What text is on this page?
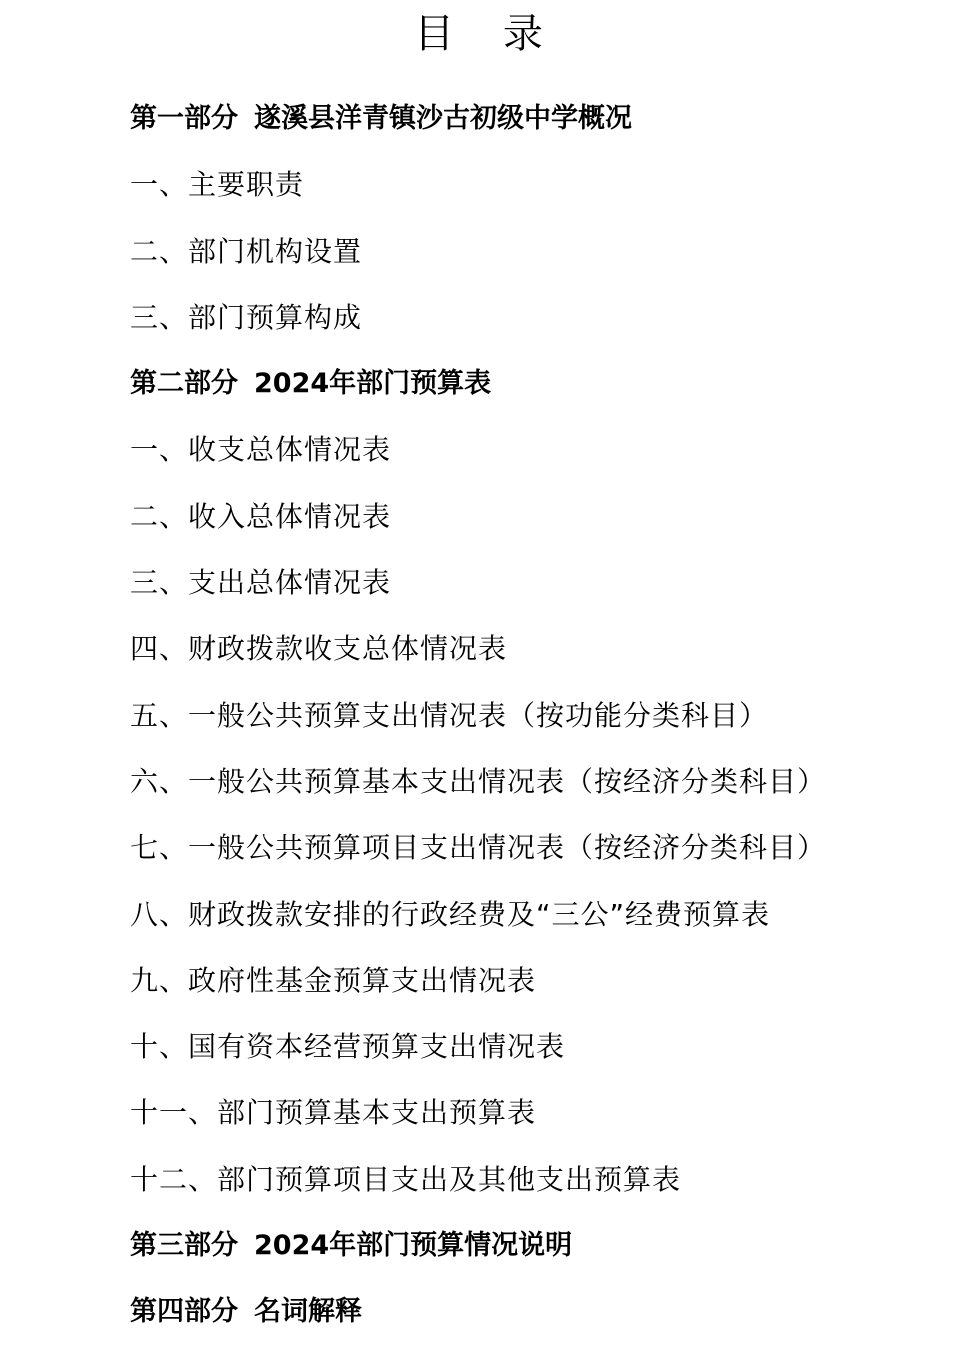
目 录
第一部分 遂溪县洋青镇沙古初级中学概况
一、主要职责
二、部门机构设置
三、部门预算构成
第二部分 2024年部门预算表
一、收支总体情况表
二、收入总体情况表
三、支出总体情况表
四、财政拨款收支总体情况表
五、一般公共预算支出情况表（按功能分类科目）
六、一般公共预算基本支出情况表（按经济分类科目）
七、一般公共预算项目支出情况表（按经济分类科目）
八、财政拨款安排的行政经费及“三公”经费预算表
九、政府性基金预算支出情况表
十、国有资本经营预算支出情况表
十一、部门预算基本支出预算表
十二、部门预算项目支出及其他支出预算表
第三部分 2024年部门预算情况说明
第四部分 名词解释
